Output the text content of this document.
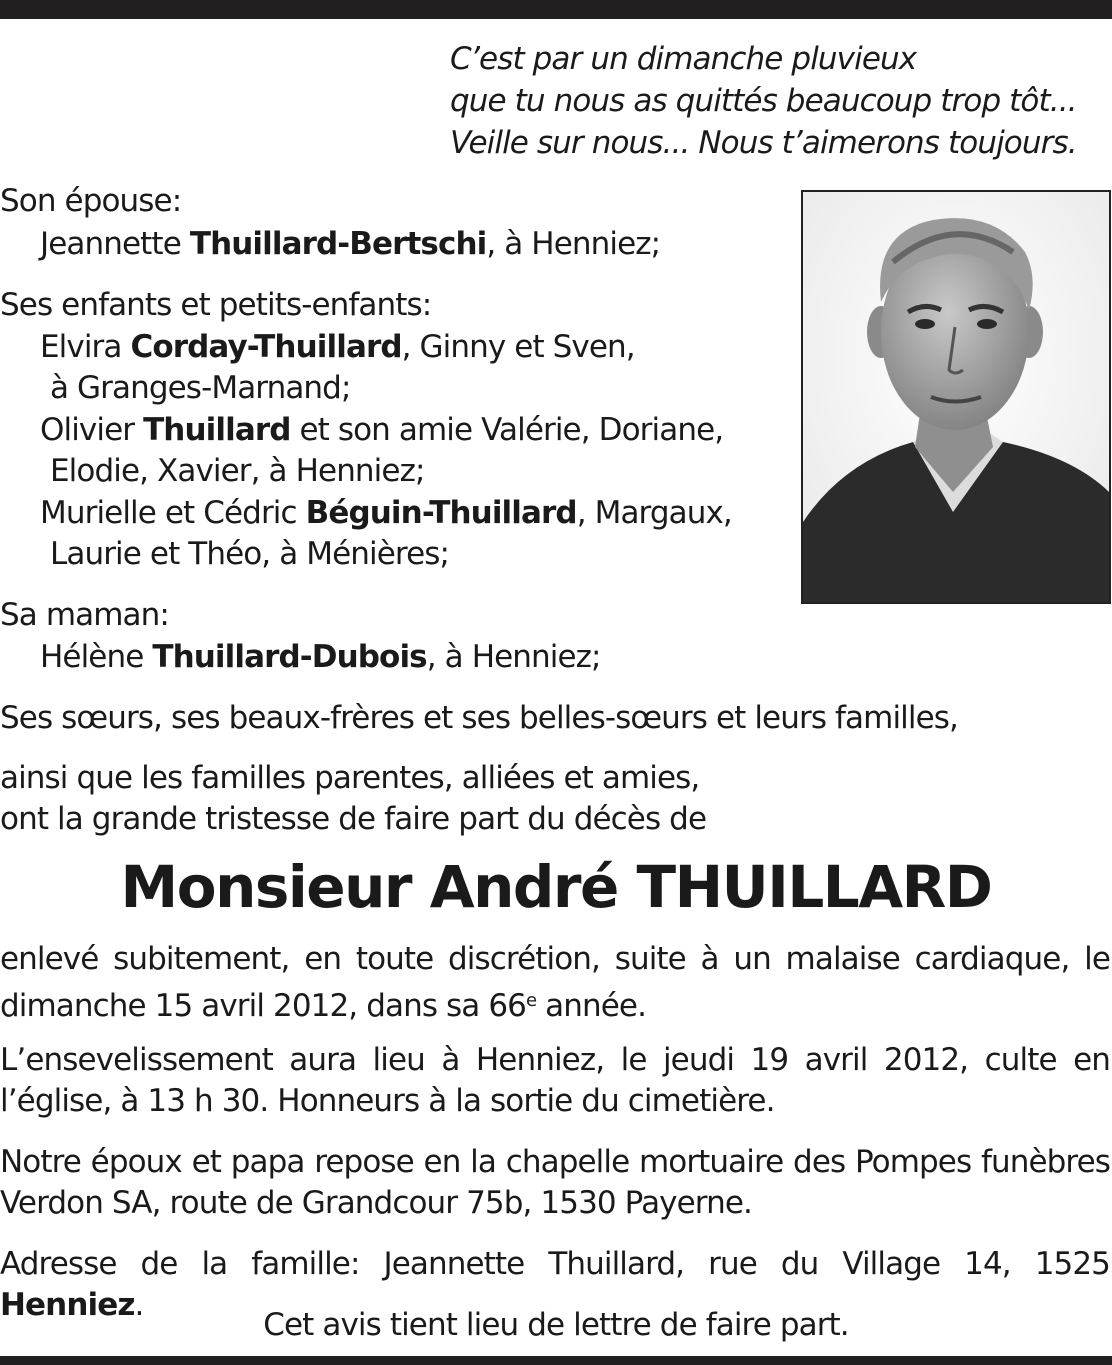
C’est par un dimanche pluvieux
que tu nous as quittés beaucoup trop tôt...
Veille sur nous... Nous t’aimerons toujours.
Son épouse:
Jeannette Thuillard-Bertschi, à Henniez;
Ses enfants et petits-enfants:
Elvira Corday-Thuillard, Ginny et Sven,
à Granges-Marnand;
Olivier Thuillard et son amie Valérie, Doriane,
Elodie, Xavier, à Henniez;
Murielle et Cédric Béguin-Thuillard, Margaux,
Laurie et Théo, à Ménières;
Sa maman:
Hélène Thuillard-Dubois, à Henniez;
Ses sœurs, ses beaux-frères et ses belles-sœurs et leurs familles,
ainsi que les familles parentes, alliées et amies,
ont la grande tristesse de faire part du décès de
Monsieur André THUILLARD
enlevé subitement, en toute discrétion, suite à un malaise cardiaque, le
dimanche 15 avril 2012, dans sa 66e année.
L’ensevelissement aura lieu à Henniez, le jeudi 19 avril 2012, culte en
l’église, à 13 h 30. Honneurs à la sortie du cimetière.
Notre époux et papa repose en la chapelle mortuaire des Pompes funèbres
Verdon SA, route de Grandcour 75b, 1530 Payerne.
Adresse de la famille: Jeannette Thuillard, rue du Village 14, 1525 Henniez.
Cet avis tient lieu de lettre de faire part.
